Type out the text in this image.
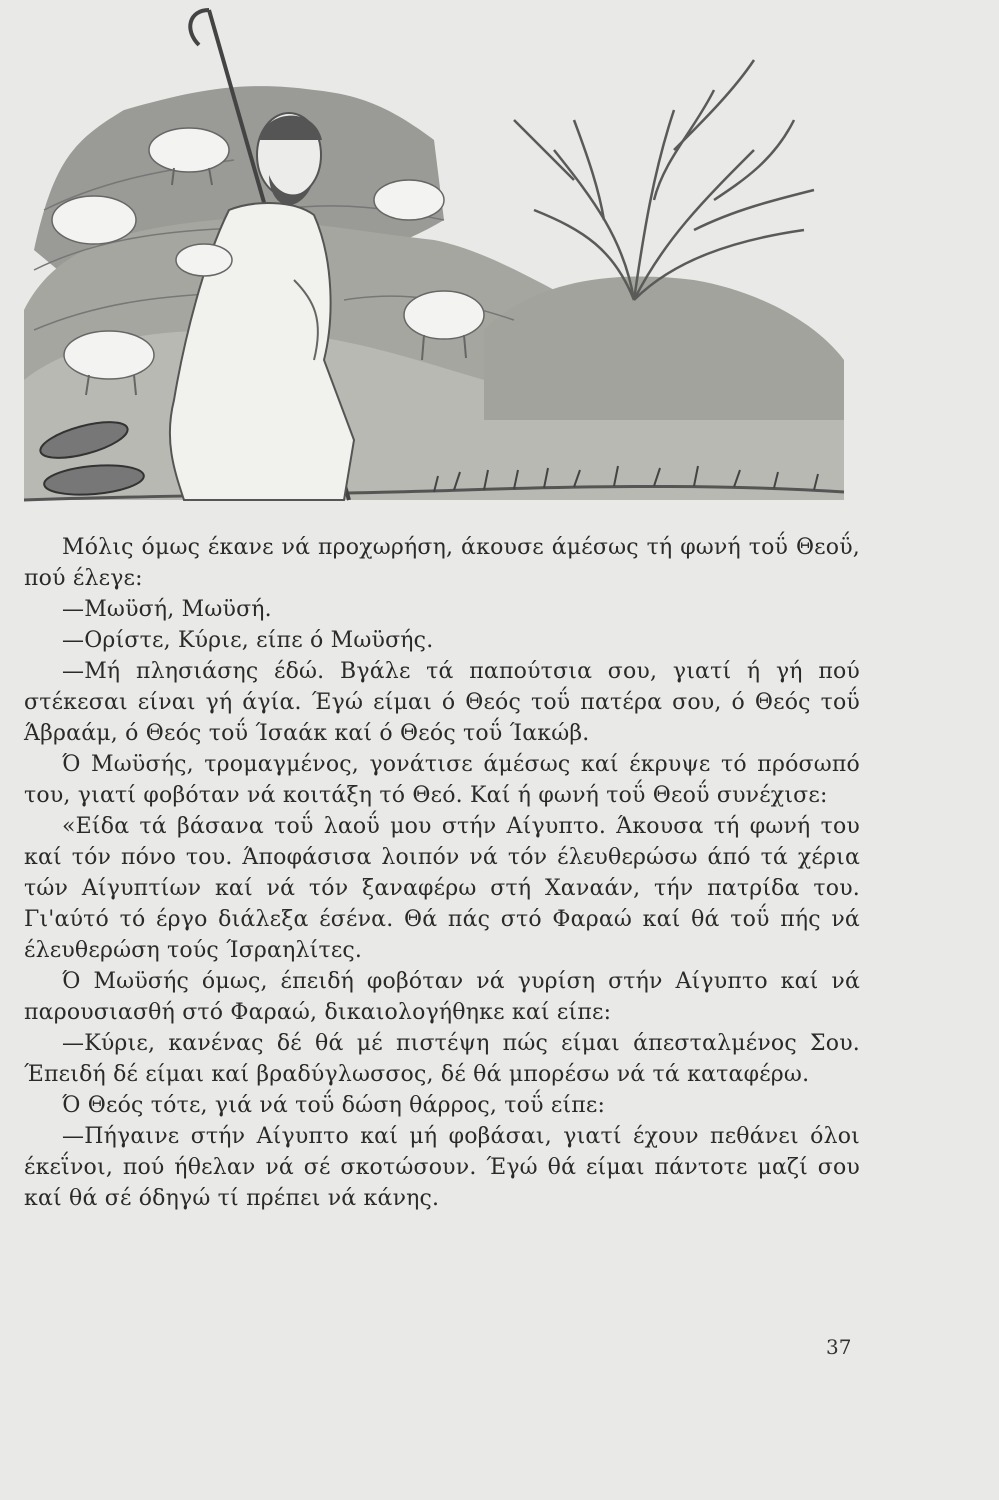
Μόλις όμως έκανε νά προχωρήση, άκουσε άμέσως τή φωνή τοΰ Θεοΰ, πού έλεγε:

—Μωϋσή, Μωϋσή.

—Ορίστε, Κύριε, είπε ό Μωϋσής.

—Μή πλησιάσης έδώ. Βγάλε τά παπούτσια σου, γιατί ή γή πού στέκεσαι είναι γή άγία. Έγώ είμαι ό Θεός τοΰ πατέρα σου, ό Θεός τοΰ Άβραάμ, ό Θεός τοΰ Ίσαάκ καί ό Θεός τοΰ Ίακώβ.

Ό Μωϋσής, τρομαγμένος, γονάτισε άμέσως καί έκρυψε τό πρόσωπό του, γιατί φοβόταν νά κοιτάξη τό Θεό. Καί ή φωνή τοΰ Θεοΰ συνέχισε:

«Είδα τά βάσανα τοΰ λαοΰ μου στήν Αίγυπτο. Άκουσα τή φωνή του καί τόν πόνο του. Άποφάσισα λοιπόν νά τόν έλευθερώσω άπό τά χέρια τών Αίγυπτίων καί νά τόν ξαναφέρω στή Χαναάν, τήν πατρίδα του. Γι'αύτό τό έργο διάλεξα έσένα. Θά πάς στό Φαραώ καί θά τοΰ πής νά έλευθερώση τούς Ίσραηλίτες.

Ό Μωϋσής όμως, έπειδή φοβόταν νά γυρίση στήν Αίγυπτο καί νά παρουσιασθή στό Φαραώ, δικαιολογήθηκε καί είπε:

—Κύριε, κανένας δέ θά μέ πιστέψη πώς είμαι άπεσταλμένος Σου. Έπειδή δέ είμαι καί βραδύγλωσσος, δέ θά μπορέσω νά τά καταφέρω.

Ό Θεός τότε, γιά νά τοΰ δώση θάρρος, τοΰ είπε:

—Πήγαινε στήν Αίγυπτο καί μή φοβάσαι, γιατί έχουν πεθάνει όλοι έκεΐνοι, πού ήθελαν νά σέ σκοτώσουν. Έγώ θά είμαι πάντοτε μαζί σου καί θά σέ όδηγώ τί πρέπει νά κάνης.

37
